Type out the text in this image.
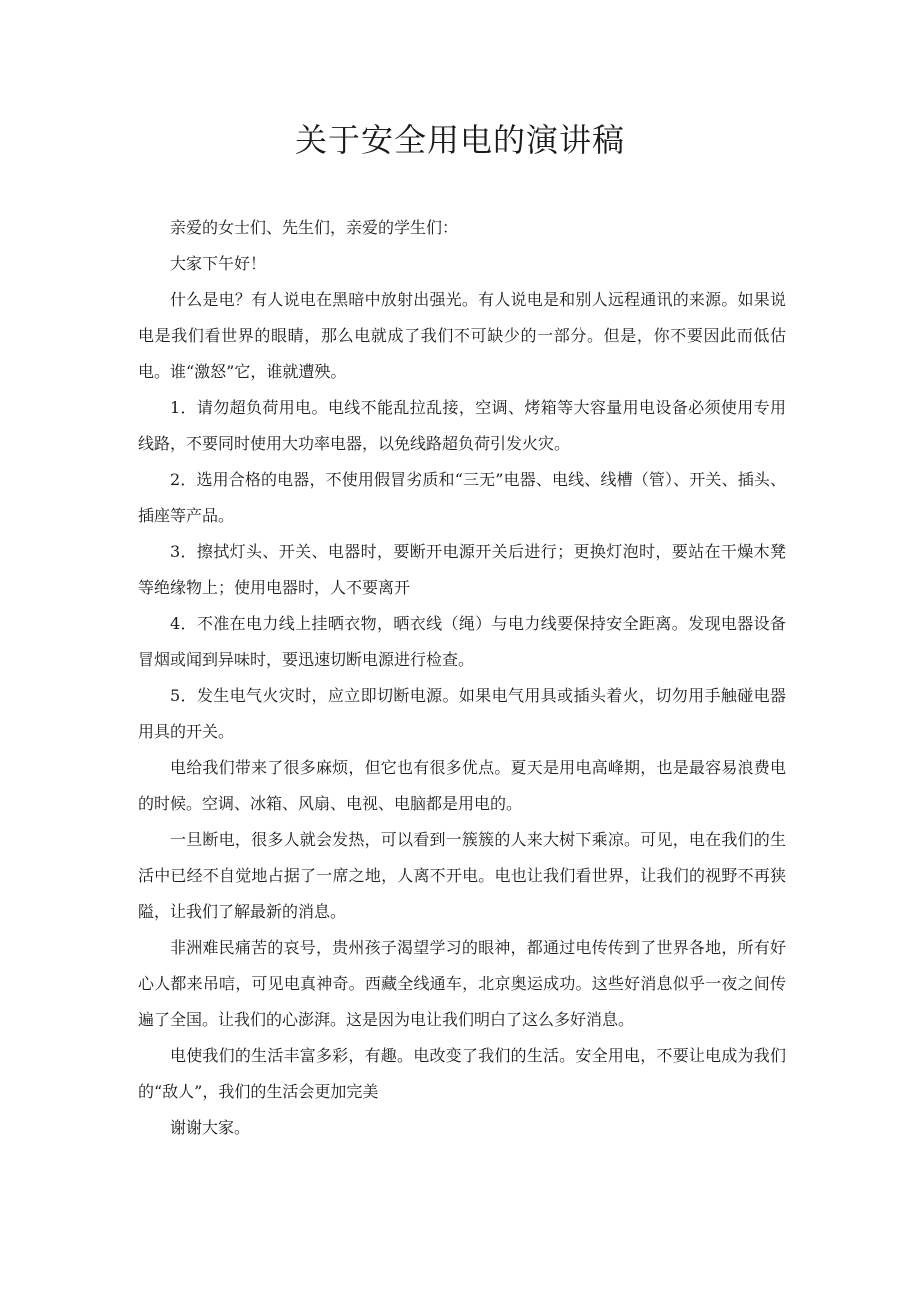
关于安全用电的演讲稿

亲爱的女士们、先生们，亲爱的学生们：

大家下午好！

什么是电？有人说电在黑暗中放射出强光。有人说电是和别人远程通讯的来源。如果说电是我们看世界的眼睛，那么电就成了我们不可缺少的一部分。但是，你不要因此而低估电。谁“激怒”它，谁就遭殃。

1．请勿超负荷用电。电线不能乱拉乱接，空调、烤箱等大容量用电设备必须使用专用线路，不要同时使用大功率电器，以免线路超负荷引发火灾。

2．选用合格的电器，不使用假冒劣质和“三无”电器、电线、线槽（管）、开关、插头、插座等产品。

3．擦拭灯头、开关、电器时，要断开电源开关后进行；更换灯泡时，要站在干燥木凳等绝缘物上；使用电器时，人不要离开

4．不准在电力线上挂晒衣物，晒衣线（绳）与电力线要保持安全距离。发现电器设备冒烟或闻到异味时，要迅速切断电源进行检查。

5．发生电气火灾时，应立即切断电源。如果电气用具或插头着火，切勿用手触碰电器用具的开关。

电给我们带来了很多麻烦，但它也有很多优点。夏天是用电高峰期，也是最容易浪费电的时候。空调、冰箱、风扇、电视、电脑都是用电的。

一旦断电，很多人就会发热，可以看到一簇簇的人来大树下乘凉。可见，电在我们的生活中已经不自觉地占据了一席之地，人离不开电。电也让我们看世界，让我们的视野不再狭隘，让我们了解最新的消息。

非洲难民痛苦的哀号，贵州孩子渴望学习的眼神，都通过电传传到了世界各地，所有好心人都来吊唁，可见电真神奇。西藏全线通车，北京奥运成功。这些好消息似乎一夜之间传遍了全国。让我们的心澎湃。这是因为电让我们明白了这么多好消息。

电使我们的生活丰富多彩，有趣。电改变了我们的生活。安全用电，不要让电成为我们的“敌人”，我们的生活会更加完美

谢谢大家。
